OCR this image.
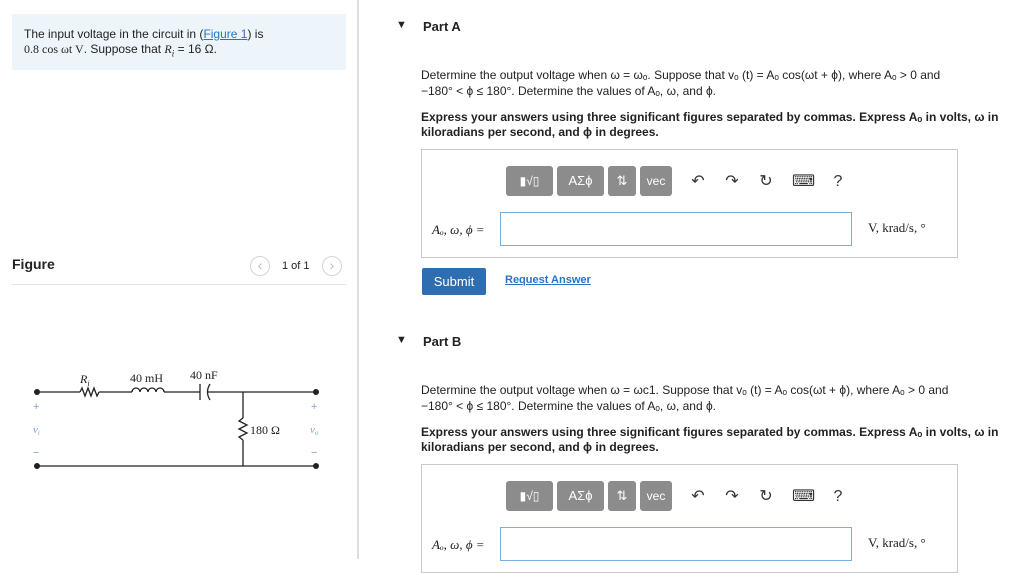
The input voltage in the circuit in (Figure 1) is
0.8 cos ωt V. Suppose that $R_i = 16$ Ω.
Figure	‹	1 of 1	›
$R_i$	40 mH 40 nF
180 Ω
+
vi
−
+
vo
−
▼ Part A
Determine the output voltage when ω = ωₒ. Suppose that vₒ (t) = Aₒ cos(ωt + ϕ), where Aₒ > 0 and
−180° < ϕ ≤ 180°. Determine the values of Aₒ, ω, and ϕ.
Express your answers using three significant figures separated by commas. Express Aₒ in volts, ω in kiloradians per second, and ϕ in degrees.
▮√▯	ΑΣϕ	⇅	vec	↶ ↷ ↻ ⌨	?
Aₒ, ω, ϕ =	V, krad/s, °
Submit	Request Answer
▼ Part B
Determine the output voltage when ω = ωc1. Suppose that vₒ (t) = Aₒ cos(ωt + ϕ), where Aₒ > 0 and
−180° < ϕ ≤ 180°. Determine the values of Aₒ, ω, and ϕ.
Express your answers using three significant figures separated by commas. Express Aₒ in volts, ω in kiloradians per second, and ϕ in degrees.
▮√▯	ΑΣϕ	⇅	vec	↶ ↷ ↻ ⌨	?
Aₒ, ω, ϕ =	V, krad/s, °
